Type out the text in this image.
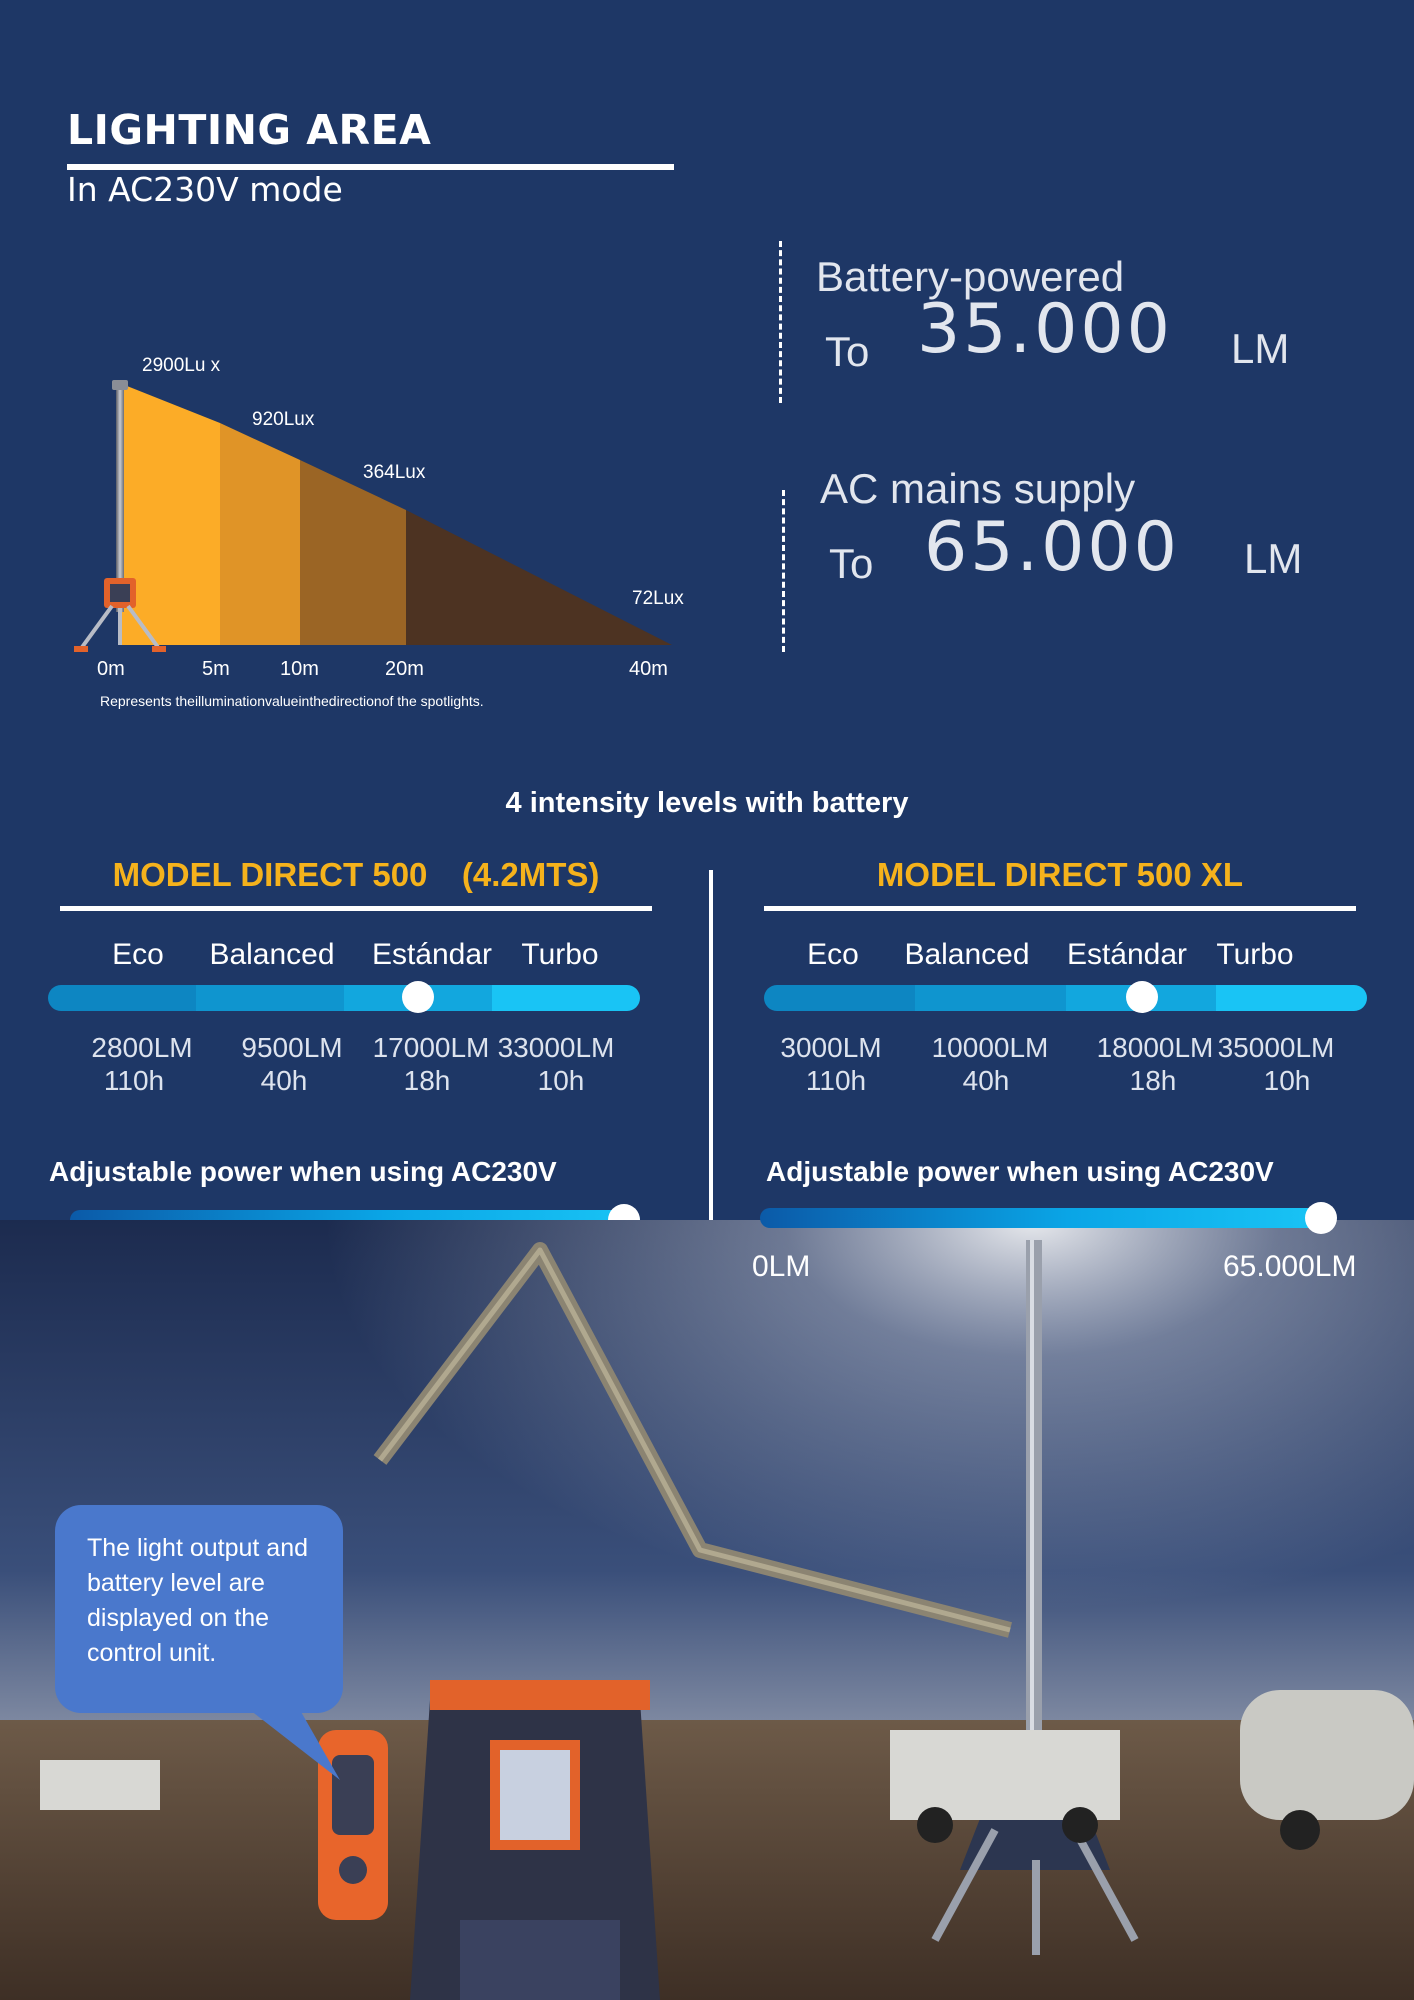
LIGHTING AREA
In AC230V mode
2900Lu x
920Lux
364Lux
72Lux
0m	5m	10m	20m	40m
Represents theilluminationvalueinthedirectionof the spotlights.
Battery-powered
To 35.000 LM
AC mains supply
To 65.000 LM
4 intensity levels with battery
MODEL DIRECT 500 (4.2MTS)
Eco	Balanced	Estándar Turbo
2800LM	9500LM	17000LM 33000LM
110h	40h	18h	10h
Adjustable power when using AC230V
MODEL DIRECT 500 XL
Eco	Balanced	Estándar Turbo
3000LM	10000LM	18000LM 35000LM
110h	40h	18h	10h
Adjustable power when using AC230V
0LM	65.000LM
The light output and battery level are displayed on the control unit.
